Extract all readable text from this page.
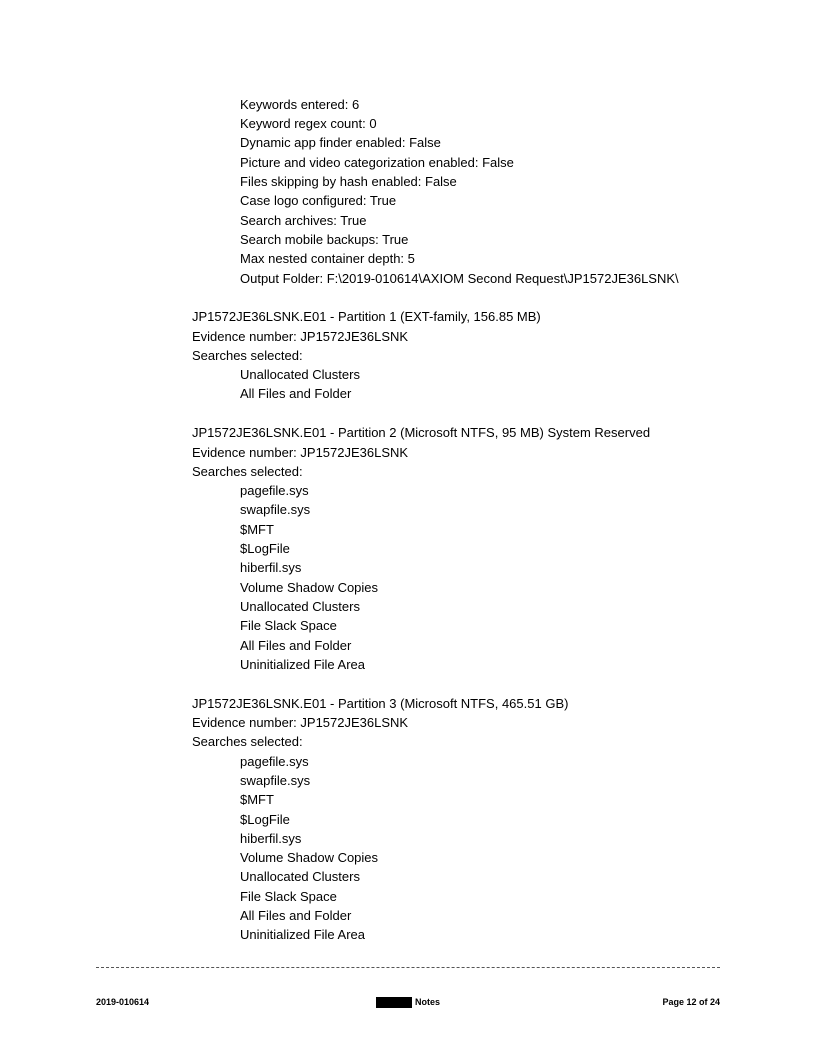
Keywords entered: 6
Keyword regex count: 0
Dynamic app finder enabled: False
Picture and video categorization enabled: False
Files skipping by hash enabled: False
Case logo configured: True
Search archives: True
Search mobile backups: True
Max nested container depth: 5
Output Folder: F:\2019-010614\AXIOM Second Request\JP1572JE36LSNK\
JP1572JE36LSNK.E01 - Partition 1 (EXT-family, 156.85 MB)
Evidence number: JP1572JE36LSNK
Searches selected:
Unallocated Clusters
All Files and Folder
JP1572JE36LSNK.E01 - Partition 2 (Microsoft NTFS, 95 MB) System Reserved
Evidence number: JP1572JE36LSNK
Searches selected:
pagefile.sys
swapfile.sys
$MFT
$LogFile
hiberfil.sys
Volume Shadow Copies
Unallocated Clusters
File Slack Space
All Files and Folder
Uninitialized File Area
JP1572JE36LSNK.E01 - Partition 3 (Microsoft NTFS, 465.51 GB)
Evidence number: JP1572JE36LSNK
Searches selected:
pagefile.sys
swapfile.sys
$MFT
$LogFile
hiberfil.sys
Volume Shadow Copies
Unallocated Clusters
File Slack Space
All Files and Folder
Uninitialized File Area
2019-010614	Notes	Page 12 of 24
